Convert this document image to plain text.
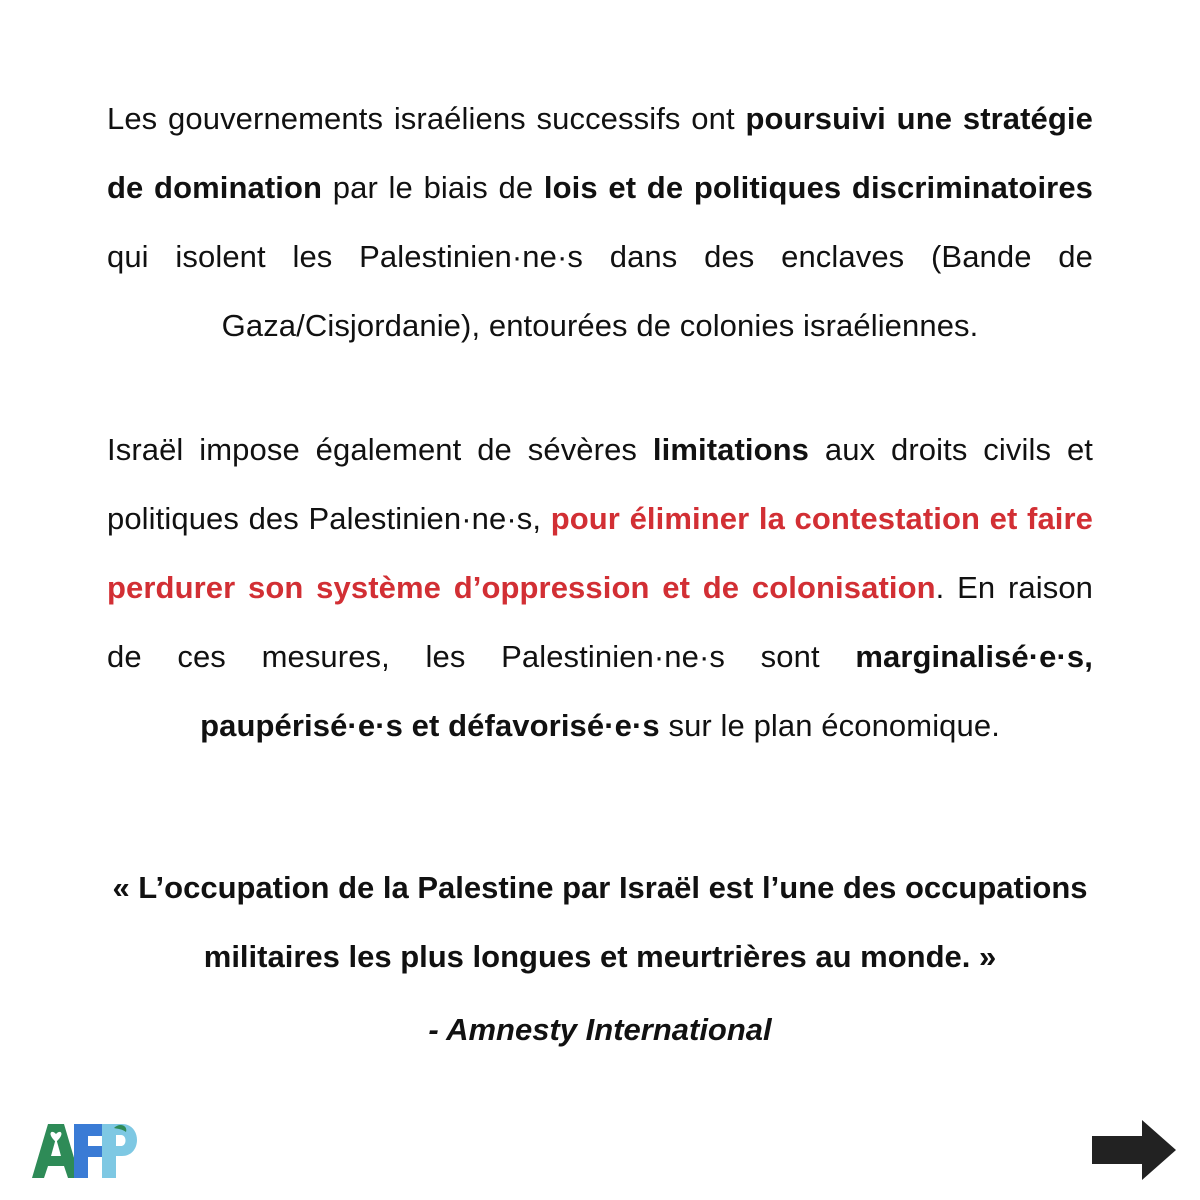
Les gouvernements israéliens successifs ont poursuivi une stratégie de domination par le biais de lois et de politiques discriminatoires qui isolent les Palestinien·ne·s dans des enclaves (Bande de Gaza/Cisjordanie), entourées de colonies israéliennes.

Israël impose également de sévères limitations aux droits civils et politiques des Palestinien·ne·s, pour éliminer la contestation et faire perdurer son système d’oppression et de colonisation. En raison de ces mesures, les Palestinien·ne·s sont marginalisé·e·s, paupérisé·e·s et défavorisé·e·s sur le plan économique.

« L’occupation de la Palestine par Israël est l’une des occupations militaires les plus longues et meurtrières au monde. »

- Amnesty International
